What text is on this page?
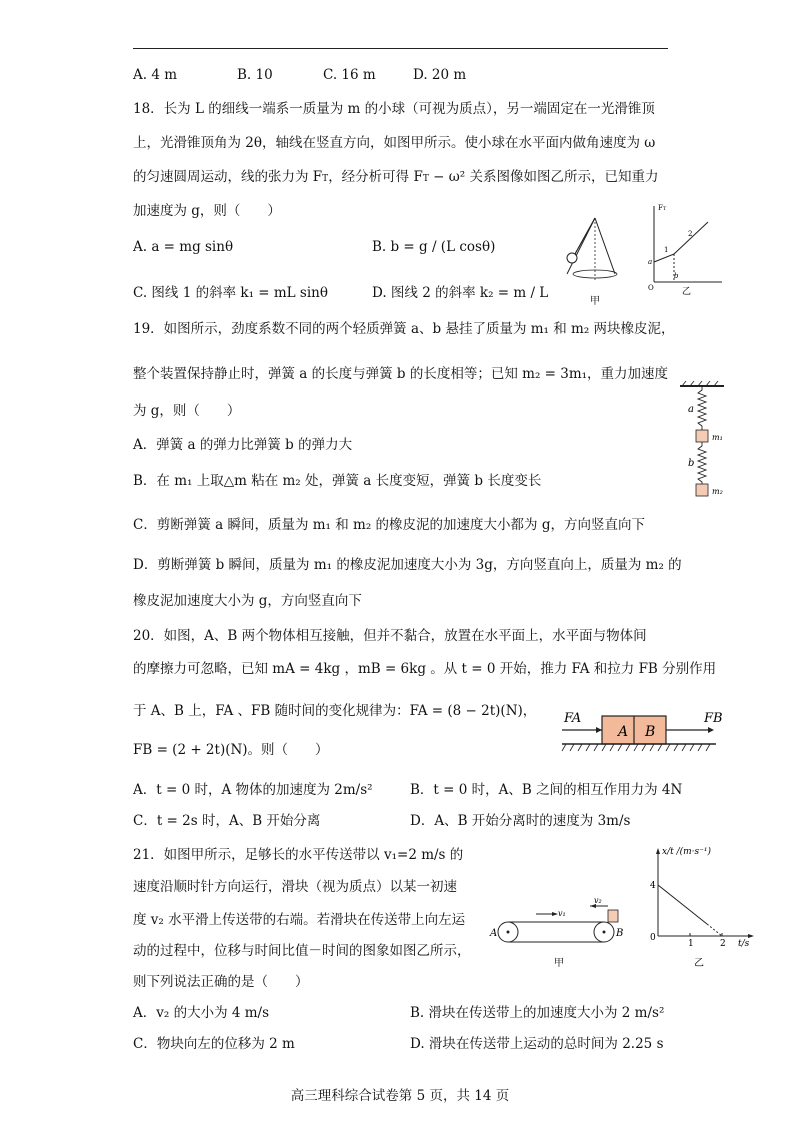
A. 4 m	B. 10	C. 16 m	D. 20 m
18．长为 L 的细线一端系一质量为 m 的小球（可视为质点），另一端固定在一光滑锥顶
上，光滑锥顶角为 2θ，轴线在竖直方向，如图甲所示。使小球在水平面内做角速度为 ω
的匀速圆周运动，线的张力为 FT，经分析可得 FT − ω² 关系图像如图乙所示，已知重力
加速度为 g，则（　　）
A. a = mg sinθ	B. b = g / (L cosθ)
C. 图线 1 的斜率 k₁ = mL sinθ	D. 图线 2 的斜率 k₂ = m / L
甲
FT
1
2
a
b
O	乙
19．如图所示，劲度系数不同的两个轻质弹簧 a、b 悬挂了质量为 m₁ 和 m₂ 两块橡皮泥，
整个装置保持静止时，弹簧 a 的长度与弹簧 b 的长度相等；已知 m₂ = 3m₁，重力加速度
为 g，则（　　）
A．弹簧 a 的弹力比弹簧 b 的弹力大
B．在 m₁ 上取△m 粘在 m₂ 处，弹簧 a 长度变短，弹簧 b 长度变长
C．剪断弹簧 a 瞬间，质量为 m₁ 和 m₂ 的橡皮泥的加速度大小都为 g，方向竖直向下
D．剪断弹簧 b 瞬间，质量为 m₁ 的橡皮泥加速度大小为 3g，方向竖直向上，质量为 m₂ 的
橡皮泥加速度大小为 g，方向竖直向下
a
m₁
b
m₂
20．如图，A、B 两个物体相互接触，但并不黏合，放置在水平面上，水平面与物体间
的摩擦力可忽略，已知 mA = 4kg ，mB = 6kg 。从 t = 0 开始，推力 FA 和拉力 FB 分别作用
于 A、B 上，FA 、FB 随时间的变化规律为：FA = (8 − 2t)(N)，
FB = (2 + 2t)(N)。则（　　）
A．t = 0 时，A 物体的加速度为 2m/s²	B．t = 0 时，A、B 之间的相互作用力为 4N
C．t = 2s 时，A、B 开始分离	D．A、B 开始分离时的速度为 3m/s
A B
FA	FB
21．如图甲所示，足够长的水平传送带以 v₁=2 m/s 的
速度沿顺时针方向运行，滑块（视为质点）以某一初速
度 v₂ 水平滑上传送带的右端。若滑块在传送带上向左运
动的过程中，位移与时间比值－时间的图象如图乙所示，
则下列说法正确的是（　　）
A．v₂ 的大小为 4 m/s	B. 滑块在传送带上的加速度大小为 2 m/s²
C．物块向左的位移为 2 m	D. 滑块在传送带上运动的总时间为 2.25 s
A	B
v₁
v₂
甲
x/t /(m·s⁻¹)
4
0
1	2 t/s
乙
高三理科综合试卷第 5 页，共 14 页
